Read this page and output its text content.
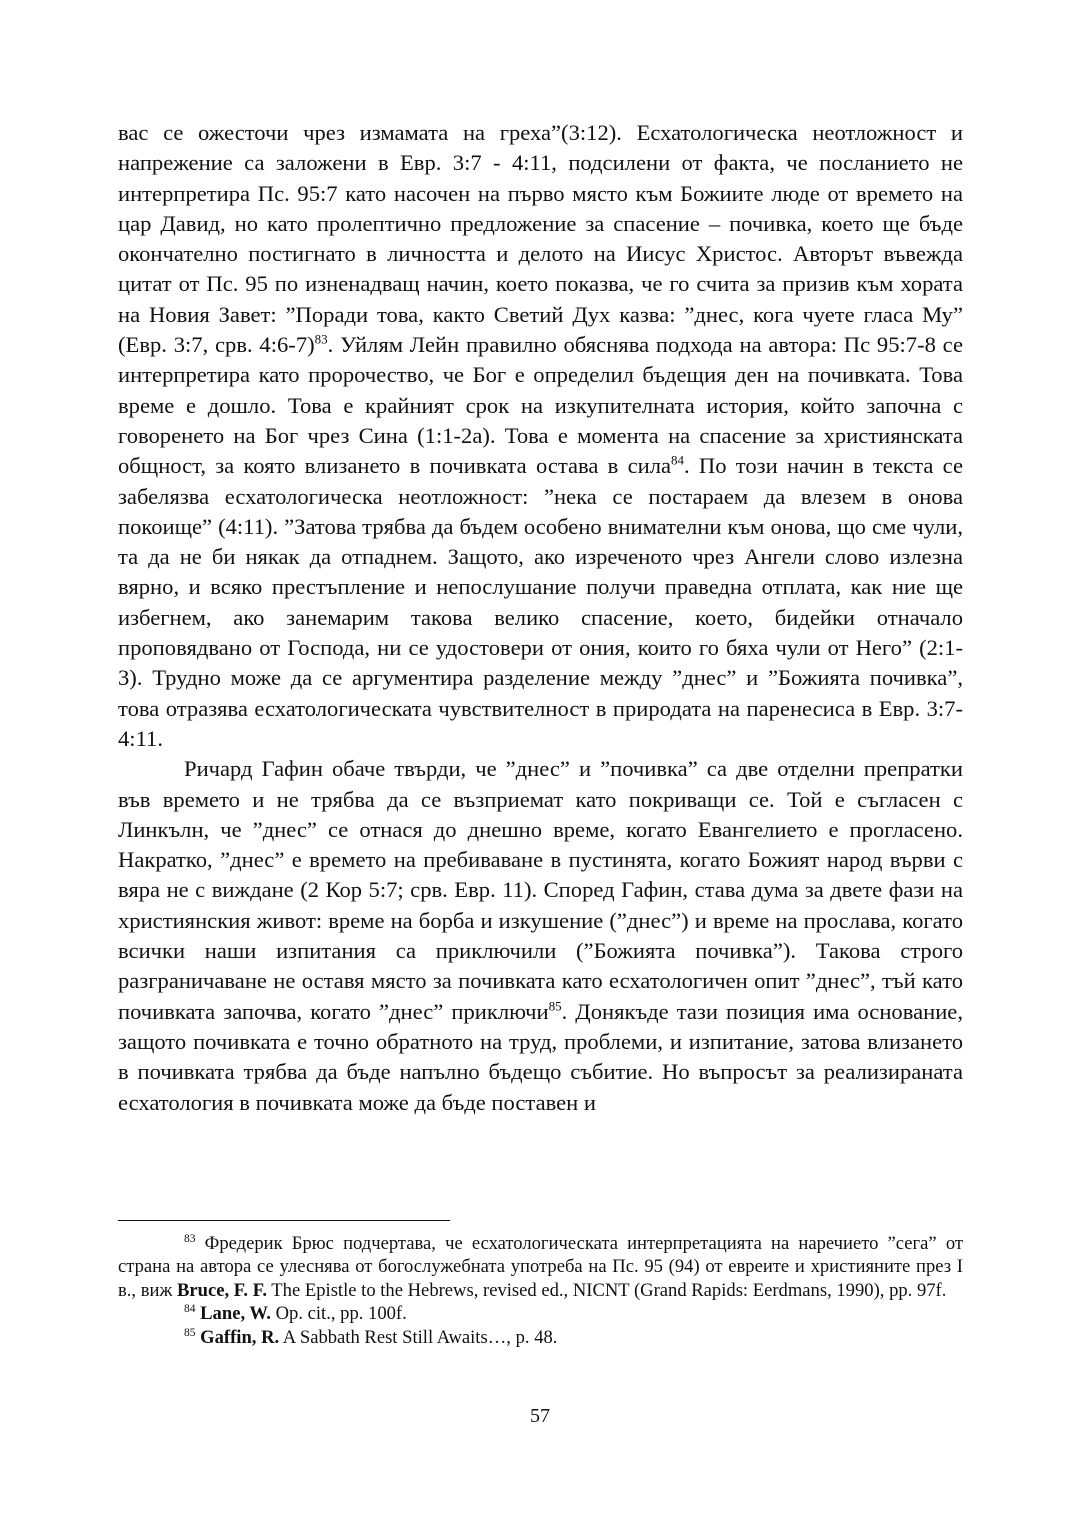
вас се ожесточи чрез измамата на греха”(3:12). Есхатологическа неотложност и напрежение са заложени в Евр. 3:7 - 4:11, подсилени от факта, че посланието не интерпретира Пс. 95:7 като насочен на първо място към Божиите люде от времето на цар Давид, но като пролептично предложение за спасение – почивка, което ще бъде окончателно постигнато в личността и делото на Иисус Христос. Авторът въвежда цитат от Пс. 95 по изненадващ начин, което показва, че го счита за призив към хората на Новия Завет: ”Поради това, както Светий Дух казва: ”днес, кога чуете гласа Му” (Евр. 3:7, срв. 4:6-7)$^{83}$. Уйлям Лейн правилно обяснява подхода на автора: Пс 95:7-8 се интерпретира като пророчество, че Бог е определил бъдещия ден на почивката. Това време е дошло. Това е крайният срок на изкупителната история, който започна с говоренето на Бог чрез Сина (1:1-2а). Това е момента на спасение за християнската общност, за която влизането в почивката остава в сила$^{84}$. По този начин в текста се забелязва есхатологическа неотложност: ”нека се постараем да влезем в онова покоище” (4:11). ”Затова трябва да бъдем особено внимателни към онова, що сме чули, та да не би някак да отпаднем. Защото, ако изреченото чрез Ангели слово излезна вярно, и всяко престъпление и непослушание получи праведна отплата, как ние ще избегнем, ако занемарим такова велико спасение, което, бидейки отначало проповядвано от Господа, ни се удостовери от ония, които го бяха чули от Него” (2:1-3). Трудно може да се аргументира разделение между ”днес” и ”Божията почивка”, това отразява есхатологическата чувствителност в природата на паренесиса в Евр. 3:7-4:11.

Ричард Гафин обаче твърди, че ”днес” и ”почивка” са две отделни препратки във времето и не трябва да се възприемат като покриващи се. Той е съгласен с Линкълн, че ”днес” се отнася до днешно време, когато Евангелието е прогласено. Накратко, ”днес” е времето на пребиваване в пустинята, когато Божият народ върви с вяра не с виждане (2 Кор 5:7; срв. Евр. 11). Според Гафин, става дума за двете фази на християнския живот: време на борба и изкушение (”днес”) и време на прослава, когато всички наши изпитания са приключили (”Божията почивка”). Такова строго разграничаване не оставя място за почивката като есхатологичен опит ”днес”, тъй като почивката започва, когато ”днес” приключи$^{85}$. Донякъде тази позиция има основание, защото почивката е точно обратното на труд, проблеми, и изпитание, затова влизането в почивката трябва да бъде напълно бъдещо събитие. Но въпросът за реализираната есхатология в почивката може да бъде поставен и

$^{83}$ Фредерик Брюс подчертава, че есхатологическата интерпретацията на наречието ”сега” от страна на автора се улеснява от богослужебната употреба на Пс. 95 (94) от евреите и християните през І в., виж Bruce, F. F. The Epistle to the Hebrews, revised ed., NICNT (Grand Rapids: Eerdmans, 1990), pp. 97f.

$^{84}$ Lane, W. Op. cit., pp. 100f.

$^{85}$ Gaffin, R. A Sabbath Rest Still Awaits…, p. 48.

57
